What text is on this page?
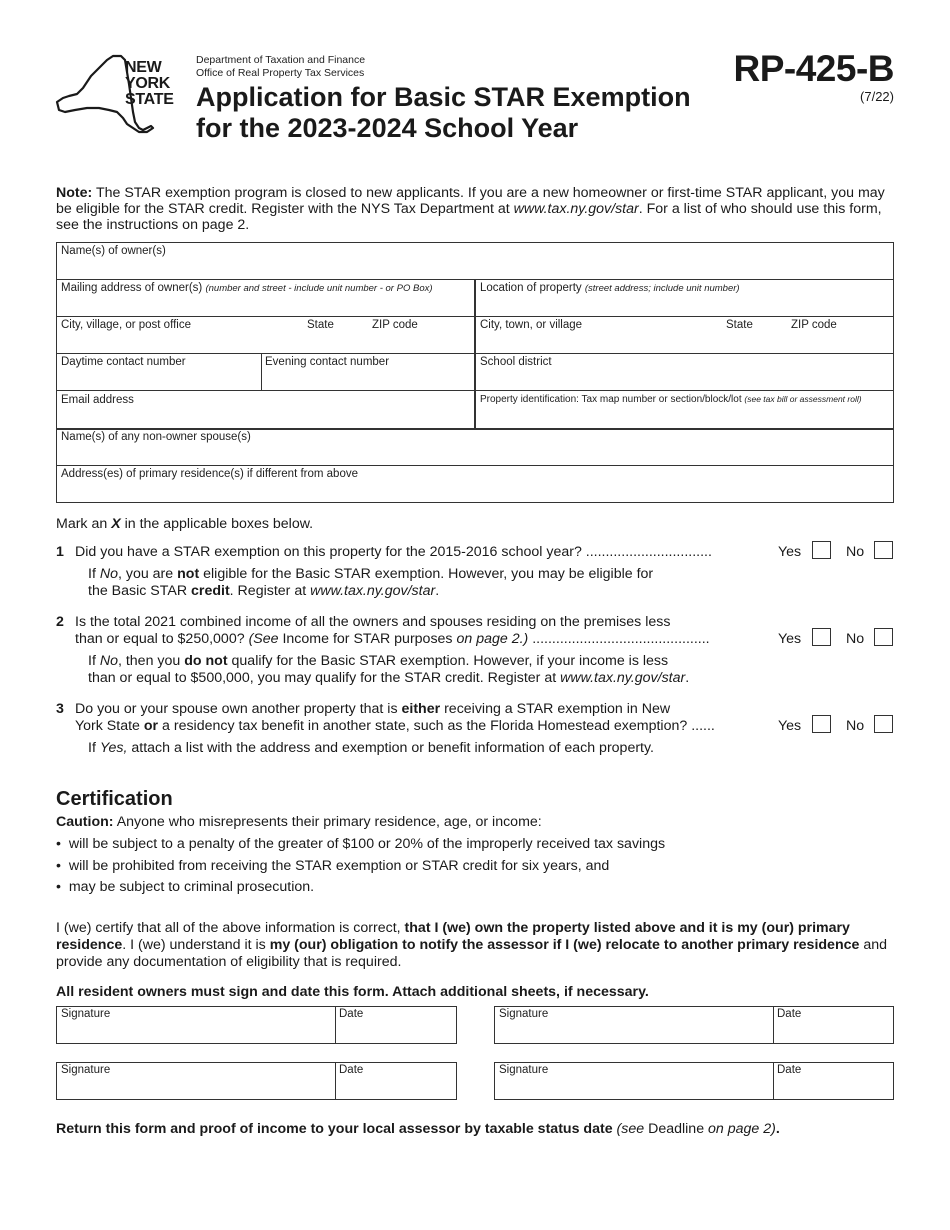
NEW
YORK
STATE
Department of Taxation and Finance
Office of Real Property Tax Services
Application for Basic STAR Exemption
for the 2023-2024 School Year
RP-425-B
(7/22)
Note: The STAR exemption program is closed to new applicants. If you are a new homeowner or first-time STAR applicant, you may be eligible for the STAR credit. Register with the NYS Tax Department at www.tax.ny.gov/star. For a list of who should use this form, see the instructions on page 2.
Name(s) of owner(s)
Mailing address of owner(s) (number and street - include unit number - or PO Box)	Location of property (street address; include unit number)
City, village, or post office	State	ZIP code	City, town, or village	State	ZIP code
Daytime contact number	Evening contact number	School district
Email address	Property identification: Tax map number or section/block/lot (see tax bill or assessment roll)
Name(s) of any non-owner spouse(s)
Address(es) of primary residence(s) if different from above
Mark an X in the applicable boxes below.
1 Did you have a STAR exemption on this property for the 2015-2016 school year? ................................	Yes	No
If No, you are not eligible for the Basic STAR exemption. However, you may be eligible for
the Basic STAR credit. Register at www.tax.ny.gov/star.
2 Is the total 2021 combined income of all the owners and spouses residing on the premises less
than or equal to $250,000? (See Income for STAR purposes on page 2.) .............................................	Yes	No
If No, then you do not qualify for the Basic STAR exemption. However, if your income is less
than or equal to $500,000, you may qualify for the STAR credit. Register at www.tax.ny.gov/star.
3 Do you or your spouse own another property that is either receiving a STAR exemption in New
York State or a residency tax benefit in another state, such as the Florida Homestead exemption? ......	Yes	No
If Yes, attach a list with the address and exemption or benefit information of each property.
Certification
Caution: Anyone who misrepresents their primary residence, age, or income:
•  will be subject to a penalty of the greater of $100 or 20% of the improperly received tax savings
•  will be prohibited from receiving the STAR exemption or STAR credit for six years, and
•  may be subject to criminal prosecution.
I (we) certify that all of the above information is correct, that I (we) own the property listed above and it is my (our) primary residence. I (we) understand it is my (our) obligation to notify the assessor if I (we) relocate to another primary residence and provide any documentation of eligibility that is required.
All resident owners must sign and date this form. Attach additional sheets, if necessary.
Signature	Date	Signature	Date
Signature	Date	Signature	Date
Return this form and proof of income to your local assessor by taxable status date (see Deadline on page 2).
